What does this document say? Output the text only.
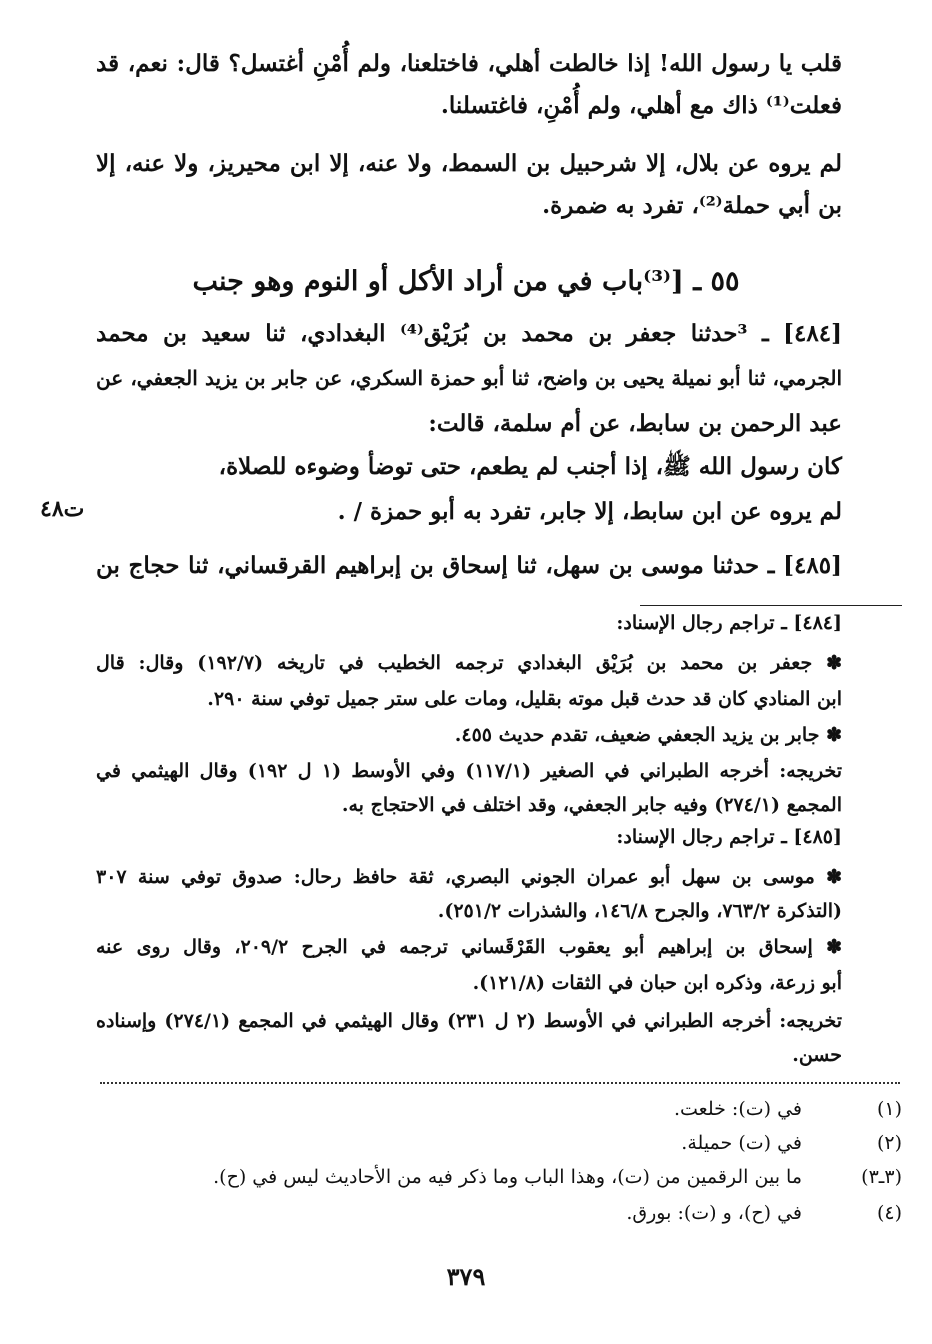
قلب يا رسول الله! إذا خالطت أهلي، فاختلعنا، ولم أُمْنِ أغتسل؟ قال: نعم، قد
فعلت⁽¹⁾ ذاك مع أهلي، ولم أُمْنِ، فاغتسلنا.
لم يروه عن بلال، إلا شرحبيل بن السمط، ولا عنه، إلا ابن محيريز، ولا عنه، إلا
بن أبي حملة⁽²⁾، تفرد به ضمرة.
٥٥ ـ [⁽³⁾باب في من أراد الأكل أو النوم وهو جنب
[٤٨٤] ـ ³حدثنا جعفر بن محمد بن بُرَيْق⁽⁴⁾ البغدادي، ثنا سعيد بن محمد
الجرمي، ثنا أبو نميلة يحيى بن واضح، ثنا أبو حمزة السكري، عن جابر بن يزيد الجعفي، عن
عبد الرحمن بن سابط، عن أم سلمة، قالت:
كان رسول الله ﷺ، إذا أجنب لم يطعم، حتى توضأ وضوءه للصلاة،
لم يروه عن ابن سابط، إلا جابر، تفرد به أبو حمزة / .
ت٤٨
[٤٨٥] ـ حدثنا موسى بن سهل، ثنا إسحاق بن إبراهيم القرقساني، ثنا حجاج بن
[٤٨٤] ـ تراجم رجال الإسناد:
✽ جعفر بن محمد بن بُرَيْق البغدادي ترجمه الخطيب في تاريخه (١٩٢/٧) وقال: قال
ابن المنادي كان قد حدث قبل موته بقليل، ومات على ستر جميل توفي سنة ٢٩٠.
✽ جابر بن يزيد الجعفي ضعيف، تقدم حديث ٤٥٥.
تخريجه: أخرجه الطبراني في الصغير (١١٧/١) وفي الأوسط (١ ل ١٩٢) وقال الهيثمي في
المجمع (٢٧٤/١) وفيه جابر الجعفي، وقد اختلف في الاحتجاج به.
[٤٨٥] ـ تراجم رجال الإسناد:
✽ موسى بن سهل أبو عمران الجوني البصري، ثقة حافظ رحال: صدوق توفي سنة ٣٠٧
(التذكرة ٧٦٣/٢، والجرح ١٤٦/٨، والشذرات ٢٥١/٢).
✽ إسحاق بن إبراهيم أبو يعقوب القَرْقَساني ترجمه في الجرح ٢٠٩/٢، وقال روى عنه
أبو زرعة، وذكره ابن حبان في الثقات (١٢١/٨).
تخريجه: أخرجه الطبراني في الأوسط (٢ ل ٢٣١) وقال الهيثمي في المجمع (٢٧٤/١) وإسناده
حسن.
(١)
في (ت): خلعت.
(٢)
في (ت) حميلة.
(٣ـ٣)
ما بين الرقمين من (ت)، وهذا الباب وما ذكر فيه من الأحاديث ليس في (ح).
(٤)
في (ح)، و (ت): بورق.
٣٧٩
